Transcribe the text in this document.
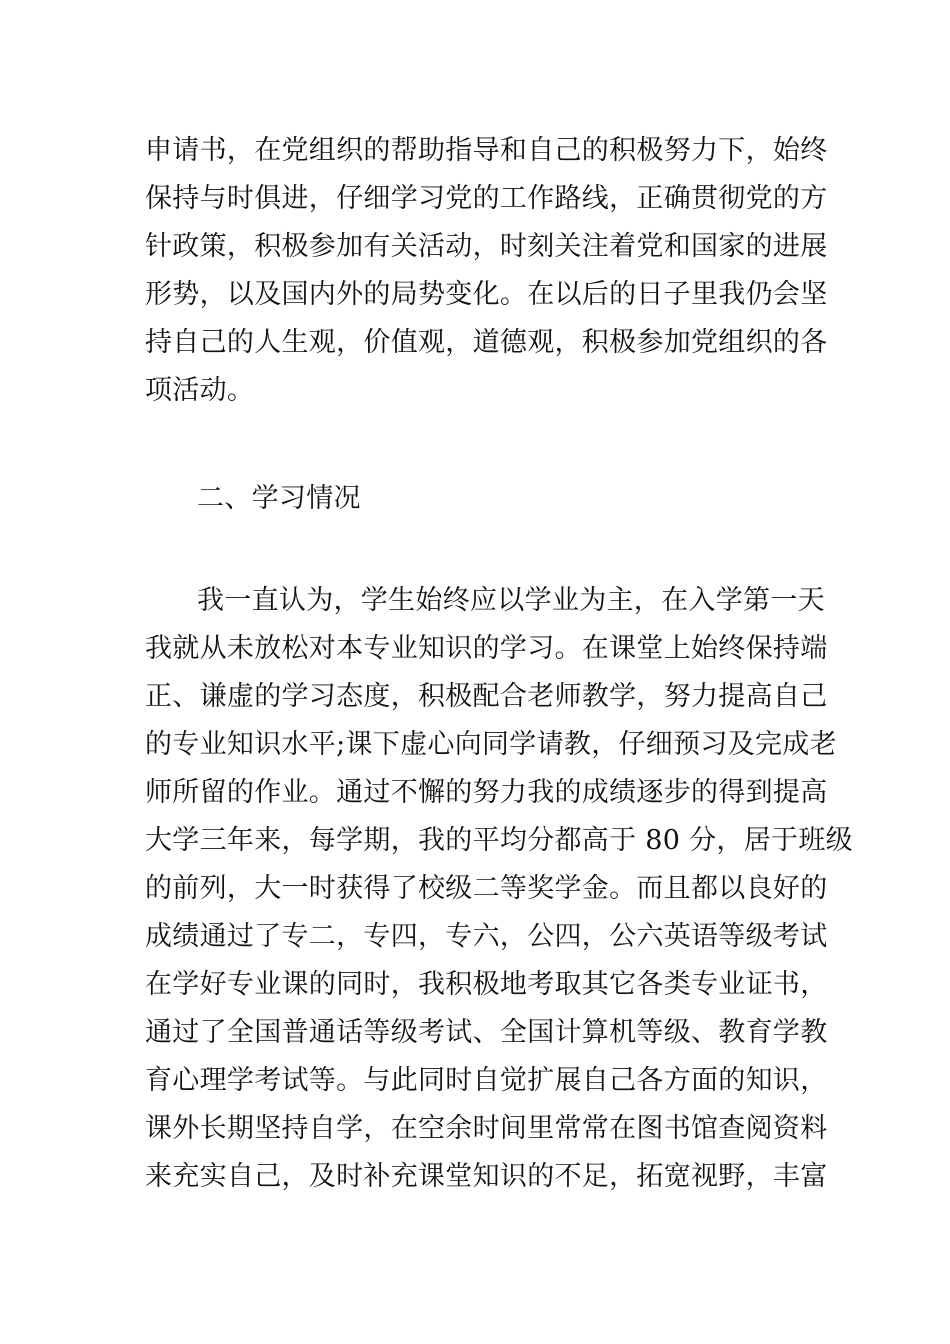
申请书，在党组织的帮助指导和自己的积极努力下，始终
保持与时俱进，仔细学习党的工作路线，正确贯彻党的方
针政策，积极参加有关活动，时刻关注着党和国家的进展
形势，以及国内外的局势变化。在以后的日子里我仍会坚
持自己的人生观，价值观，道德观，积极参加党组织的各
项活动。
二、学习情况
我一直认为，学生始终应以学业为主，在入学第一天
我就从未放松对本专业知识的学习。在课堂上始终保持端
正、谦虚的学习态度，积极配合老师教学，努力提高自己
的专业知识水平;课下虚心向同学请教，仔细预习及完成老
师所留的作业。通过不懈的努力我的成绩逐步的得到提高
大学三年来，每学期，我的平均分都高于 80 分，居于班级
的前列，大一时获得了校级二等奖学金。而且都以良好的
成绩通过了专二，专四，专六，公四，公六英语等级考试
在学好专业课的同时，我积极地考取其它各类专业证书，
通过了全国普通话等级考试、全国计算机等级、教育学教
育心理学考试等。与此同时自觉扩展自己各方面的知识，
课外长期坚持自学，在空余时间里常常在图书馆查阅资料
来充实自己，及时补充课堂知识的不足，拓宽视野，丰富
